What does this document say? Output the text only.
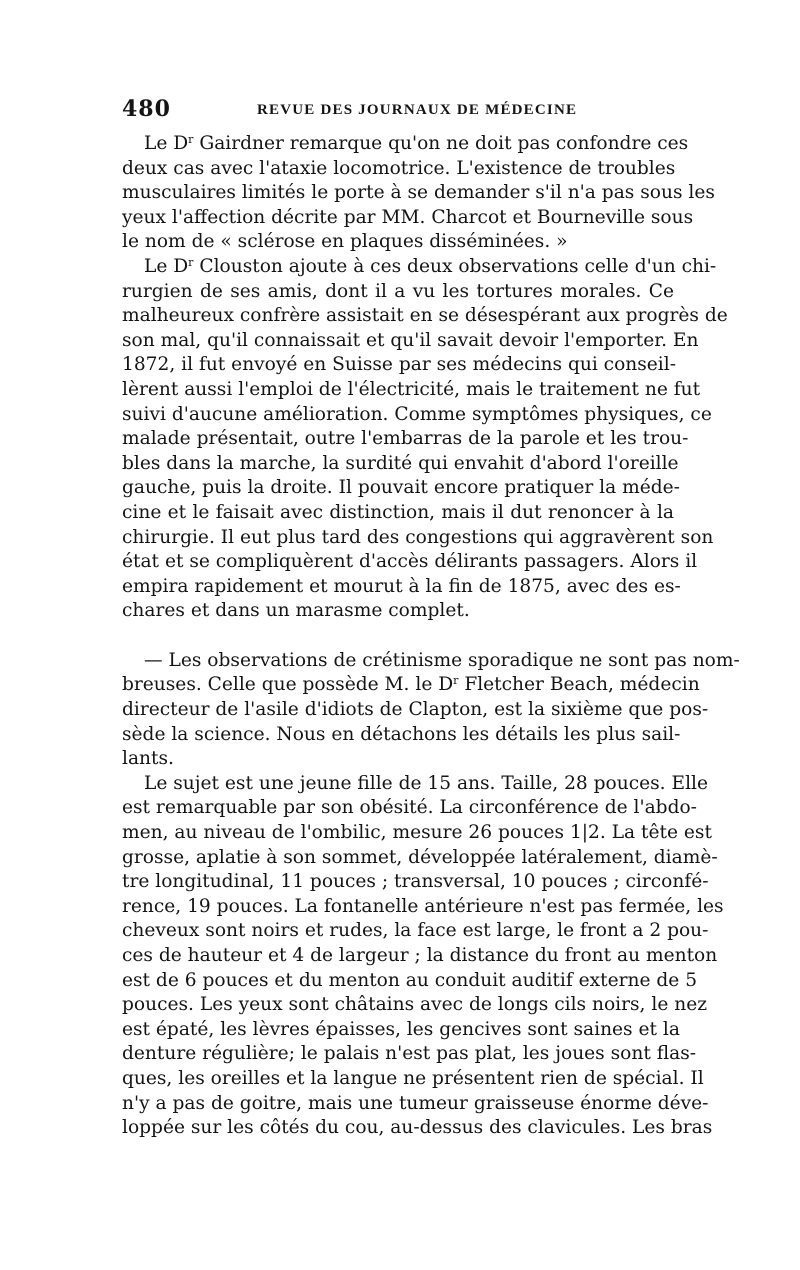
480	REVUE DES JOURNAUX DE MÉDECINE
Le $D^r$ Gairdner remarque qu'on ne doit pas confondre ces
deux cas avec l'ataxie locomotrice. L'existence de troubles
musculaires limités le porte à se demander s'il n'a pas sous les
yeux l'affection décrite par MM. Charcot et Bourneville sous
le nom de « sclérose en plaques disséminées. »
Le $D^r$ Clouston ajoute à ces deux observations celle d'un chi-
rurgien de ses amis, dont il a vu les tortures morales. Ce
malheureux confrère assistait en se désespérant aux progrès de
son mal, qu'il connaissait et qu'il savait devoir l'emporter. En
1872, il fut envoyé en Suisse par ses médecins qui conseil-
lèrent aussi l'emploi de l'électricité, mais le traitement ne fut
suivi d'aucune amélioration. Comme symptômes physiques, ce
malade présentait, outre l'embarras de la parole et les trou-
bles dans la marche, la surdité qui envahit d'abord l'oreille
gauche, puis la droite. Il pouvait encore pratiquer la méde-
cine et le faisait avec distinction, mais il dut renoncer à la
chirurgie. Il eut plus tard des congestions qui aggravèrent son
état et se compliquèrent d'accès délirants passagers. Alors il
empira rapidement et mourut à la fin de 1875, avec des es-
chares et dans un marasme complet.
— Les observations de crétinisme sporadique ne sont pas nom-
breuses. Celle que possède M. le $D^r$ Fletcher Beach, médecin
directeur de l'asile d'idiots de Clapton, est la sixième que pos-
sède la science. Nous en détachons les détails les plus sail-
lants.
Le sujet est une jeune fille de 15 ans. Taille, 28 pouces. Elle
est remarquable par son obésité. La circonférence de l'abdo-
men, au niveau de l'ombilic, mesure 26 pouces 1|2. La tête est
grosse, aplatie à son sommet, développée latéralement, diamè-
tre longitudinal, 11 pouces ; transversal, 10 pouces ; circonfé-
rence, 19 pouces. La fontanelle antérieure n'est pas fermée, les
cheveux sont noirs et rudes, la face est large, le front a 2 pou-
ces de hauteur et 4 de largeur ; la distance du front au menton
est de 6 pouces et du menton au conduit auditif externe de 5
pouces. Les yeux sont châtains avec de longs cils noirs, le nez
est épaté, les lèvres épaisses, les gencives sont saines et la
denture régulière; le palais n'est pas plat, les joues sont flas-
ques, les oreilles et la langue ne présentent rien de spécial. Il
n'y a pas de goitre, mais une tumeur graisseuse énorme déve-
loppée sur les côtés du cou, au-dessus des clavicules. Les bras
